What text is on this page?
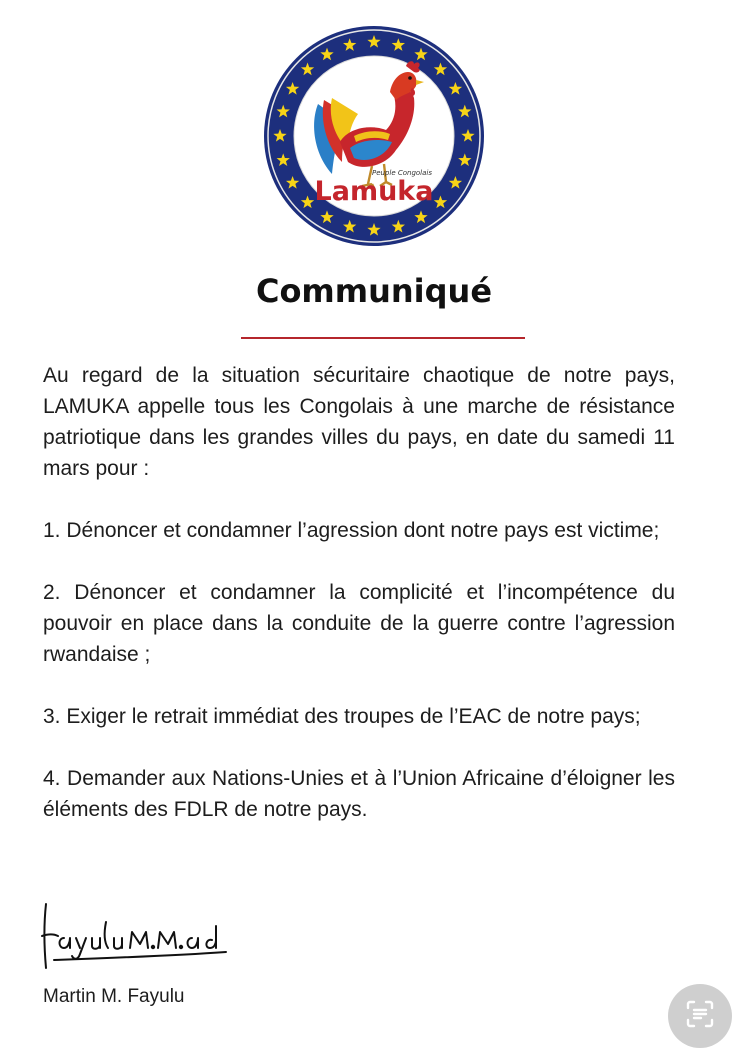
Peuple Congolais
Lamuka
Communiqué

Au regard de la situation sécuritaire chaotique de notre pays, LAMUKA appelle tous les Congolais à une marche de résistance patriotique dans les grandes villes du pays, en date du samedi 11 mars pour :

1. Dénoncer et condamner l’agression dont notre pays est victime;

2. Dénoncer et condamner la complicité et l’incompétence du pouvoir en place dans la conduite de la guerre contre l’agression rwandaise ;

3. Exiger le retrait immédiat des troupes de l’EAC de notre pays;

4. Demander aux Nations-Unies et à l’Union Africaine d’éloigner les éléments des FDLR de notre pays.

Martin M. Fayulu
